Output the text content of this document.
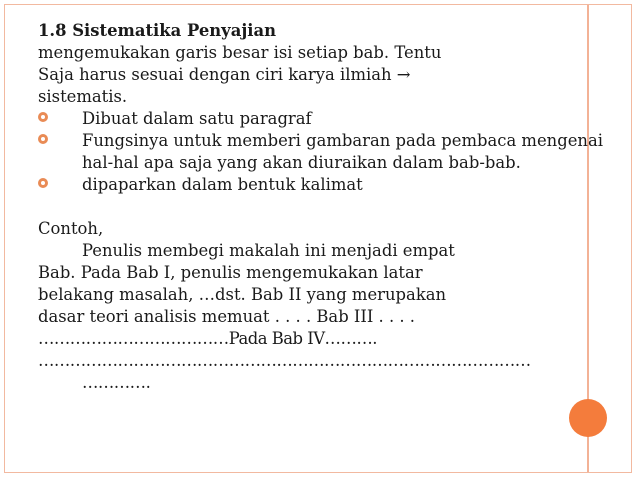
1.8 Sistematika Penyajian
mengemukakan garis besar isi setiap bab. Tentu
Saja harus sesuai dengan ciri karya ilmiah →
sistematis.
Dibuat dalam satu paragraf
Fungsinya untuk memberi gambaran pada pembaca mengenai
hal-hal apa saja yang akan diuraikan dalam bab-bab.
dipaparkan dalam bentuk kalimat
Contoh,
Penulis membegi makalah ini menjadi empat
Bab. Pada Bab I, penulis mengemukakan latar
belakang masalah, …dst. Bab II yang merupakan
dasar teori analisis memuat . . . . Bab III . . . .
………………………………Pada Bab IV……….
…………………………………………………………………………………
………….
